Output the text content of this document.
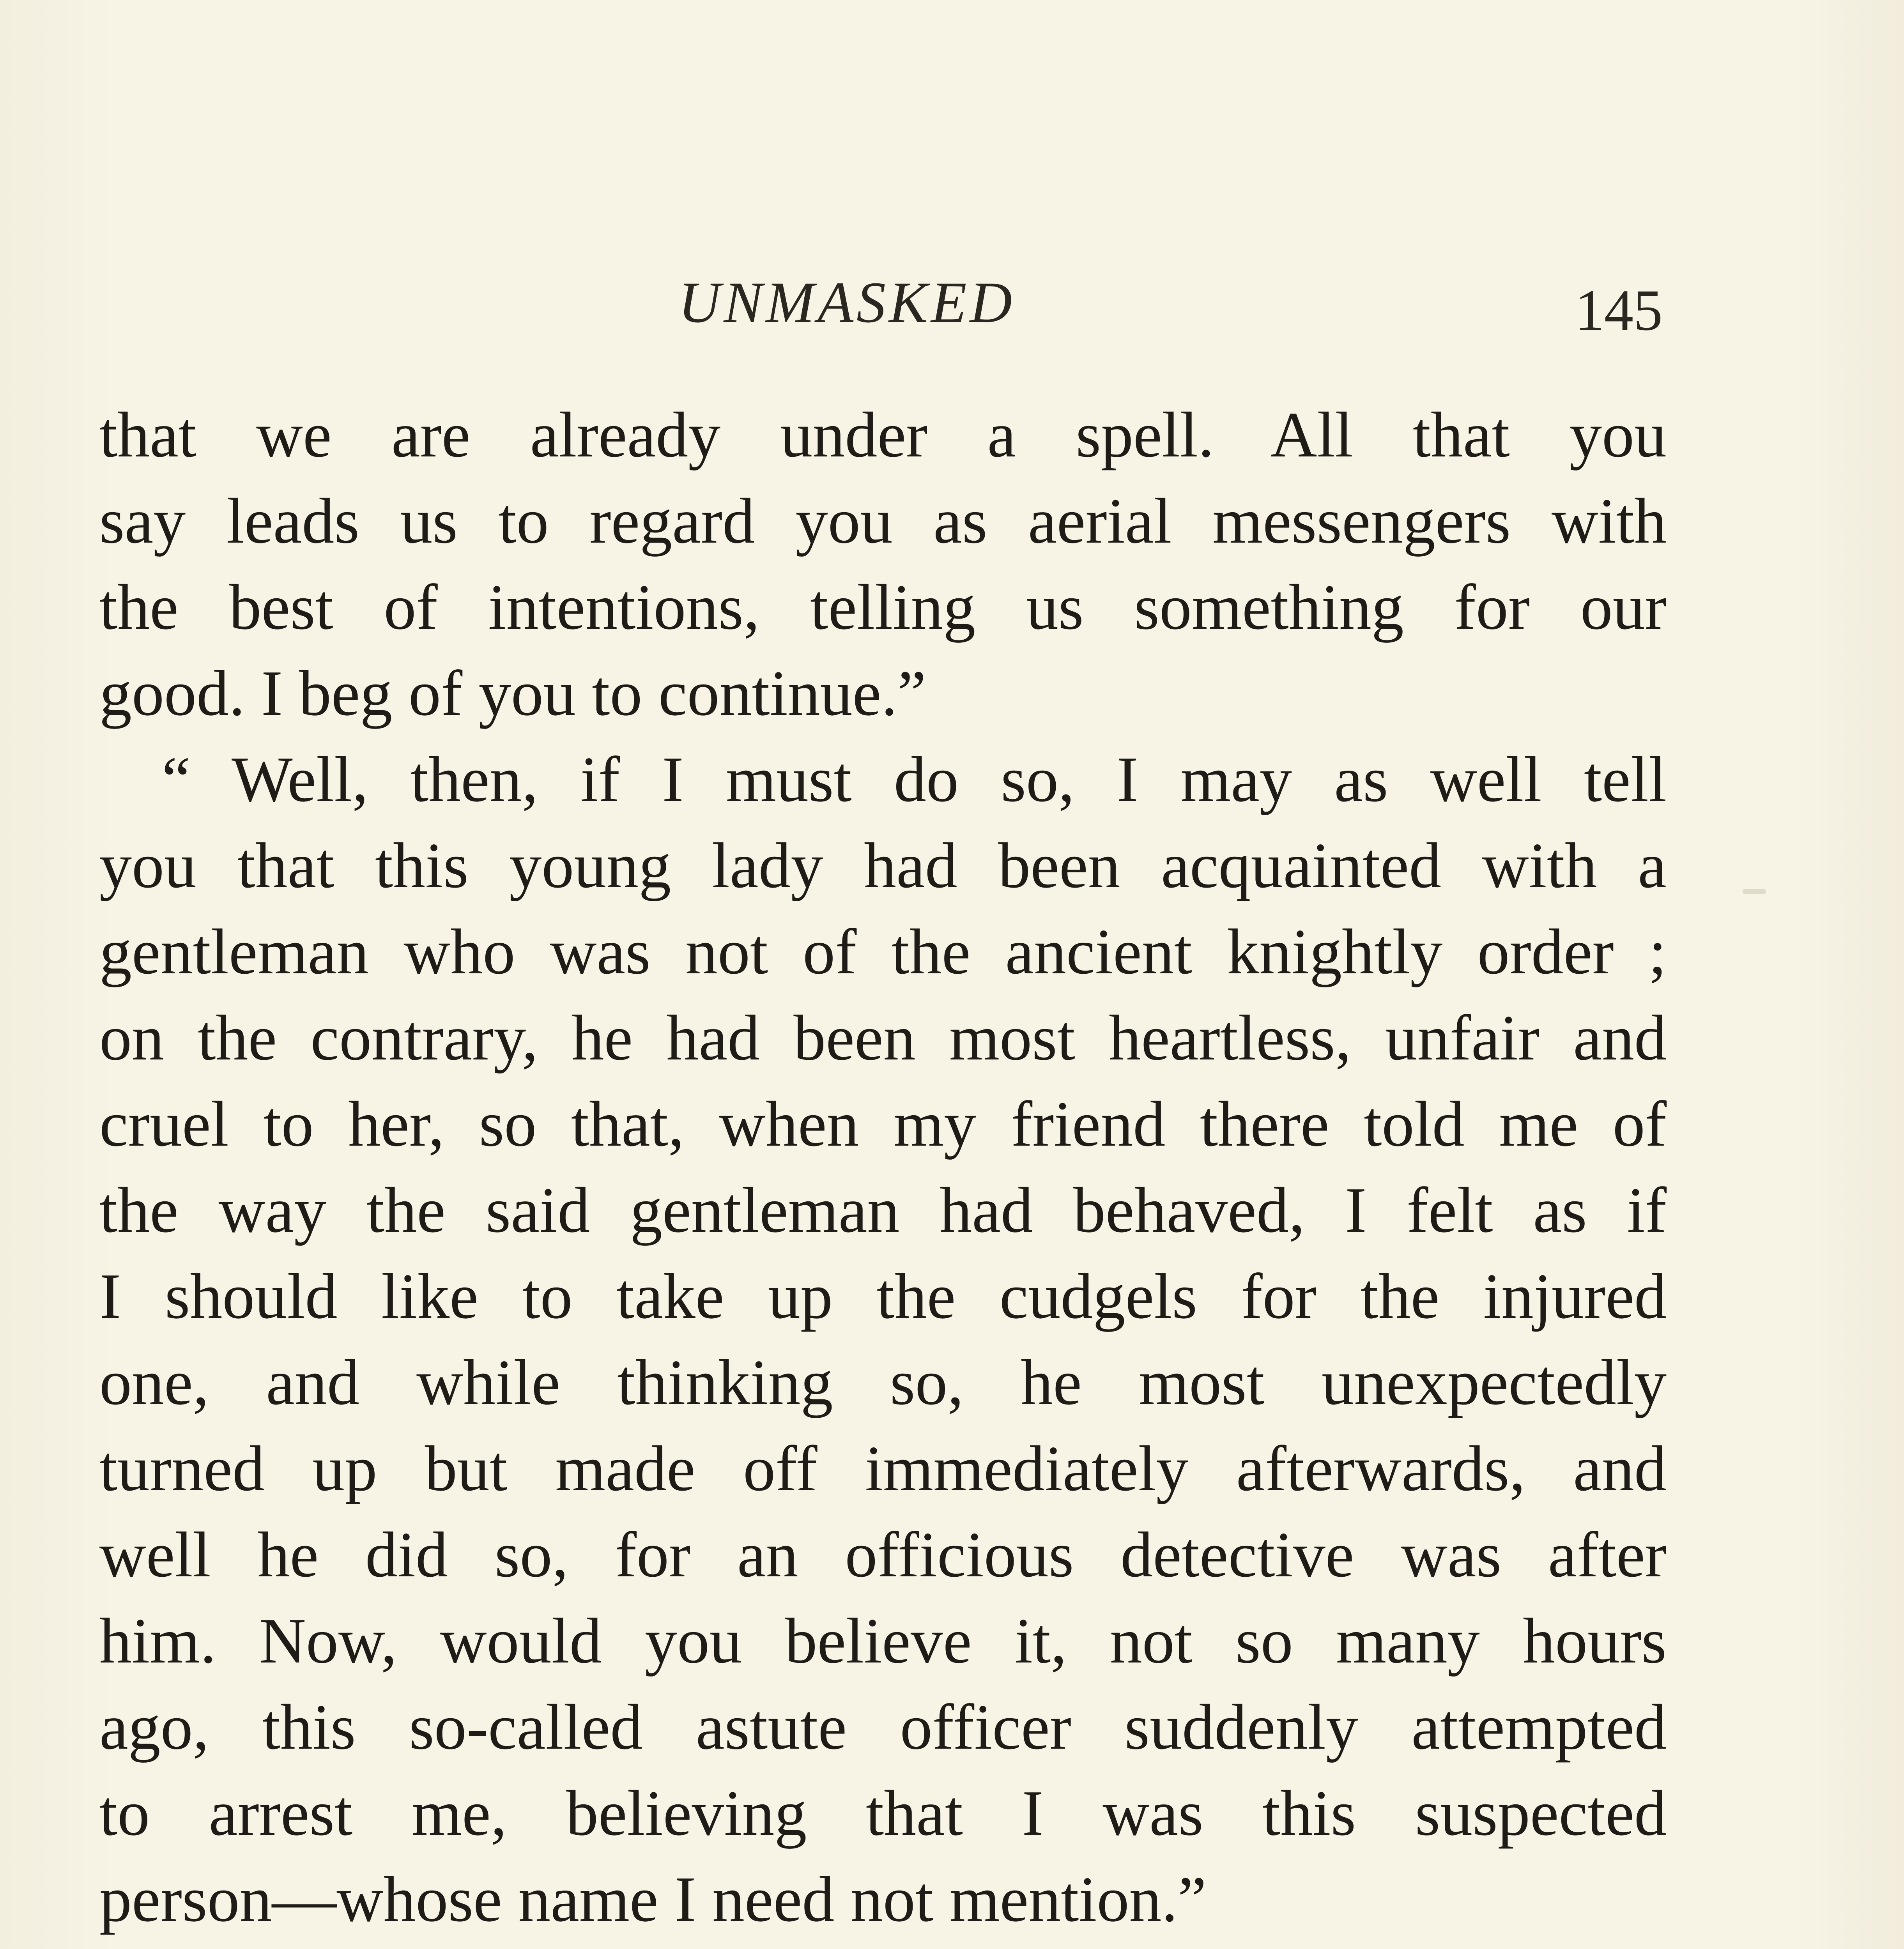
UNMASKED	145
that we are already under a spell. All that you
say leads us to regard you as aerial messengers with
the best of intentions, telling us something for our
good. I beg of you to continue.”
“ Well, then, if I must do so, I may as well tell
you that this young lady had been acquainted with a
gentleman who was not of the ancient knightly order ;
on the contrary, he had been most heartless, unfair and
cruel to her, so that, when my friend there told me of
the way the said gentleman had behaved, I felt as if
I should like to take up the cudgels for the injured
one, and while thinking so, he most unexpectedly
turned up but made off immediately afterwards, and
well he did so, for an officious detective was after
him. Now, would you believe it, not so many hours
ago, this so-called astute officer suddenly attempted
to arrest me, believing that I was this suspected
person—whose name I need not mention.”
